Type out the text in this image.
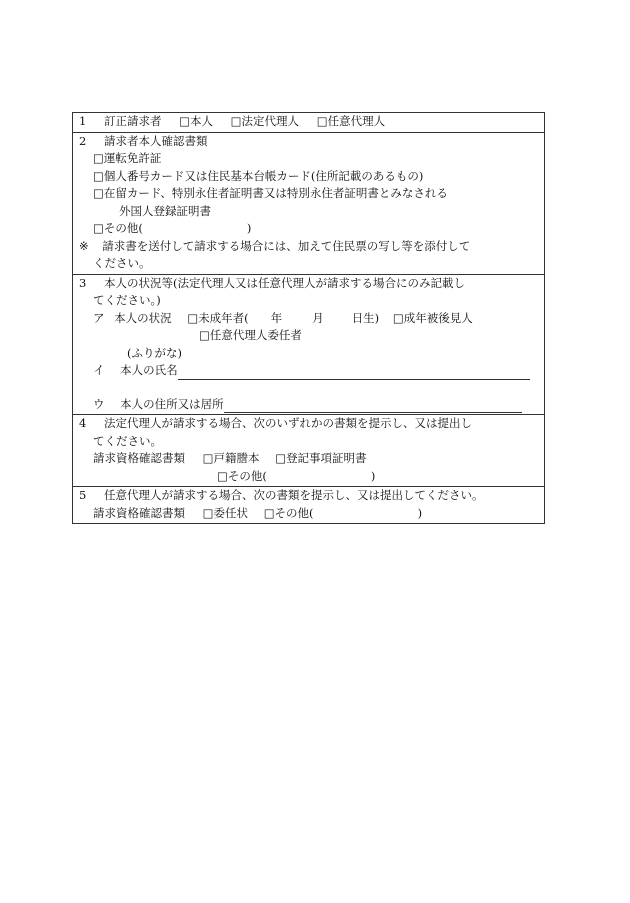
1 訂正請求者 □ 本人 □ 法定代理人 □ 任意代理人
2 請求者本人確認書類
□ 運転免許証
□ 個人番号カード又は住民基本台帳カード(住所記載のあるもの)
□ 在留カード、特別永住者証明書又は特別永住者証明書とみなされる
外国人登録証明書
□ その他(	)
※ 請求書を送付して請求する場合には、加えて住民票の写し等を添付して
ください。
3 本人の状況等(法定代理人又は任意代理人が請求する場合にのみ記載し
てください。)
ア 本人の状況 □ 未成年者( 年	月 日生) □ 成年被後見人
□ 任意代理人委任者
(ふりがな)
イ 本人の氏名
ウ 本人の住所又は居所
4 法定代理人が請求する場合、次のいずれかの書類を提示し、又は提出し
てください。
請求資格確認書類 □ 戸籍謄本 □ 登記事項証明書
□ その他(	)
5 任意代理人が請求する場合、次の書類を提示し、又は提出してください。
請求資格確認書類 □ 委任状 □ その他(	)
